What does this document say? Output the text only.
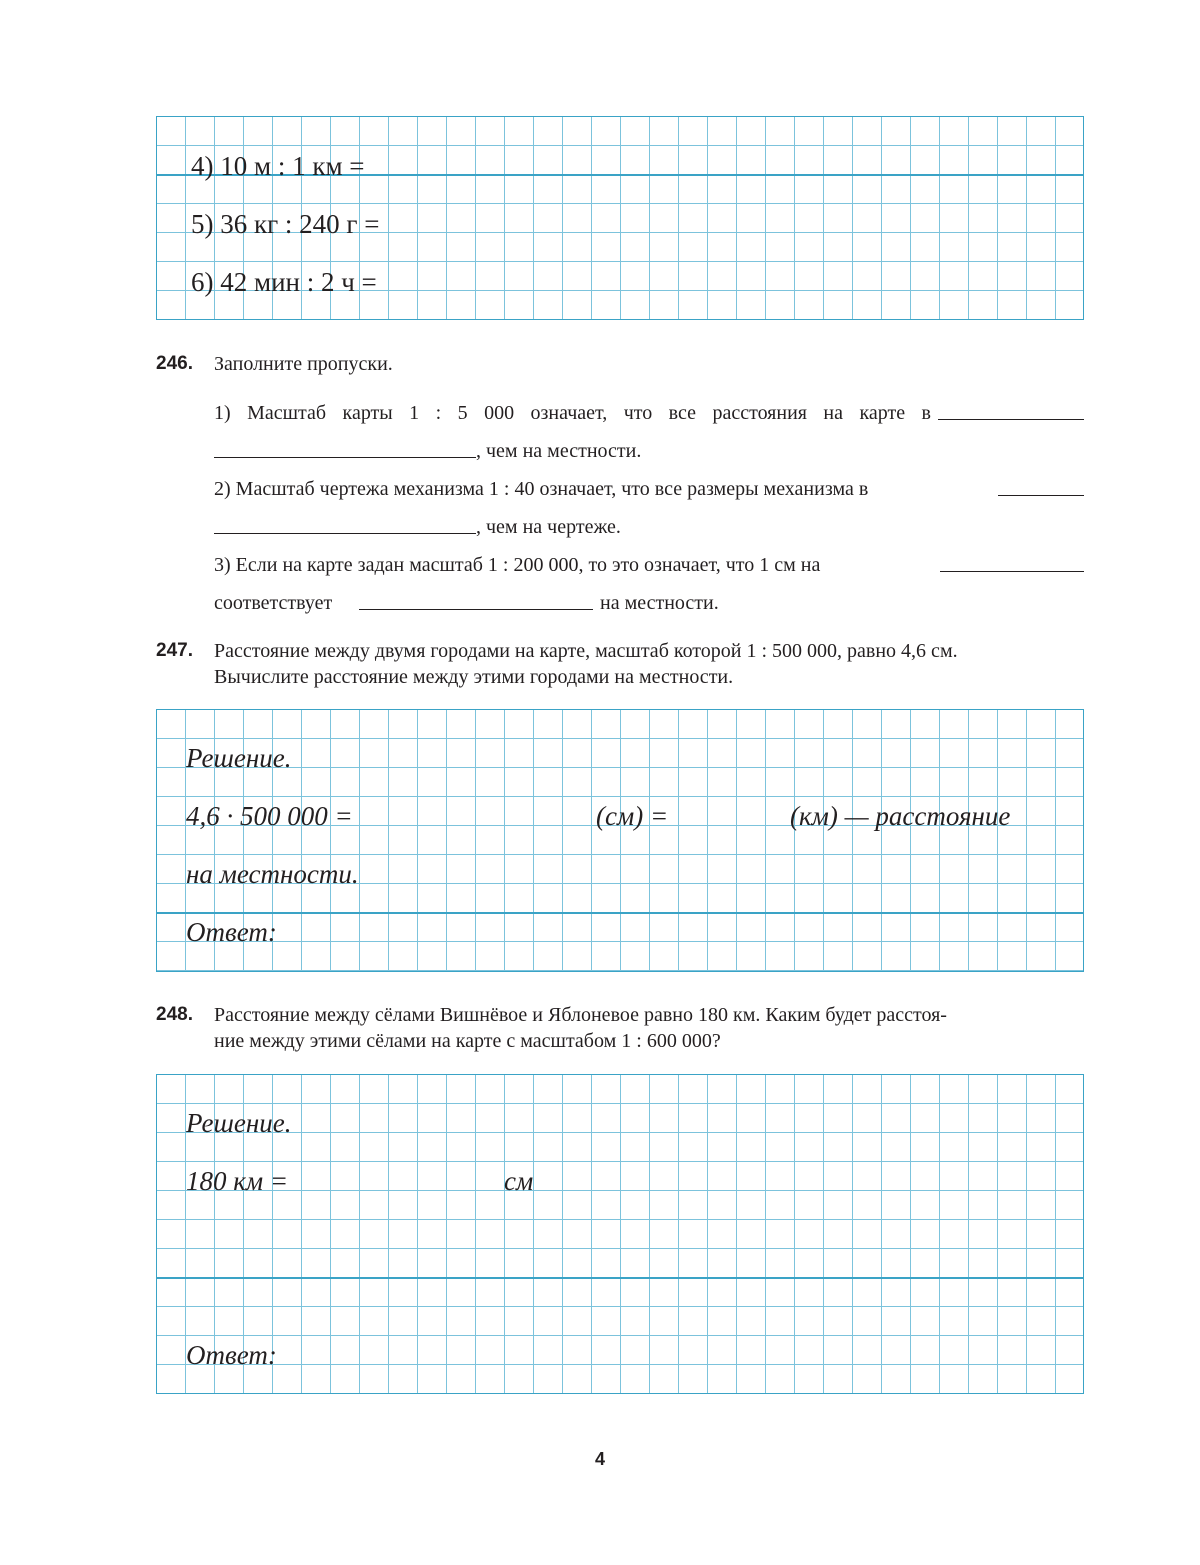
4) 10 м : 1 км =
5) 36 кг : 240 г =
6) 42 мин : 2 ч =
246. Заполните пропуски.
1) Масштаб карты 1 : 5 000 означает, что все расстояния на карте в
, чем на местности.
2) Масштаб чертежа механизма 1 : 40 означает, что все размеры механизма в
, чем на чертеже.
3) Если на карте задан масштаб 1 : 200 000, то это означает, что 1 см на
соответствует	на местности.
247. Расстояние между двумя городами на карте, масштаб которой 1 : 500 000, равно 4,6 см.
Вычислите расстояние между этими городами на местности.
Решение.
4,6 · 500 000 =	(см) =	(км) — расстояние
на местности.
Ответ:
248. Расстояние между сёлами Вишнёвое и Яблоневое равно 180 км. Каким будет расстоя-
ние между этими сёлами на карте с масштабом 1 : 600 000?
Решение.
180 км =	см
Ответ:
4
